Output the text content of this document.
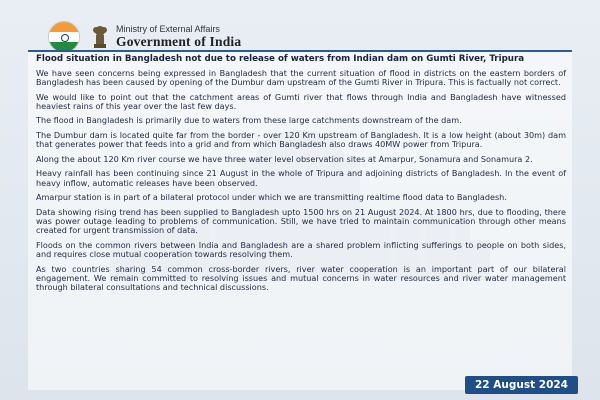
Ministry of External Affairs
Government of India
Flood situation in Bangladesh not due to release of waters from Indian dam on Gumti River, Tripura

We have seen concerns being expressed in Bangladesh that the current situation of flood in districts on the eastern borders of Bangladesh has been caused by opening of the Dumbur dam upstream of the Gumti River in Tripura. This is factually not correct.

We would like to point out that the catchment areas of Gumti river that flows through India and Bangladesh have witnessed heaviest rains of this year over the last few days.

The flood in Bangladesh is primarily due to waters from these large catchments downstream of the dam.

The Dumbur dam is located quite far from the border - over 120 Km upstream of Bangladesh. It is a low height (about 30m) dam that generates power that feeds into a grid and from which Bangladesh also draws 40MW power from Tripura.

Along the about 120 Km river course we have three water level observation sites at Amarpur, Sonamura and Sonamura 2.

Heavy rainfall has been continuing since 21 August in the whole of Tripura and adjoining districts of Bangladesh. In the event of heavy inflow, automatic releases have been observed.

Amarpur station is in part of a bilateral protocol under which we are transmitting realtime flood data to Bangladesh.

Data showing rising trend has been supplied to Bangladesh upto 1500 hrs on 21 August 2024. At 1800 hrs, due to flooding, there was power outage leading to problems of communication. Still, we have tried to maintain communication through other means created for urgent transmission of data.

Floods on the common rivers between India and Bangladesh are a shared problem inflicting sufferings to people on both sides, and requires close mutual cooperation towards resolving them.

As two countries sharing 54 common cross-border rivers, river water cooperation is an important part of our bilateral engagement. We remain committed to resolving issues and mutual concerns in water resources and river water management through bilateral consultations and technical discussions.

22 August 2024
